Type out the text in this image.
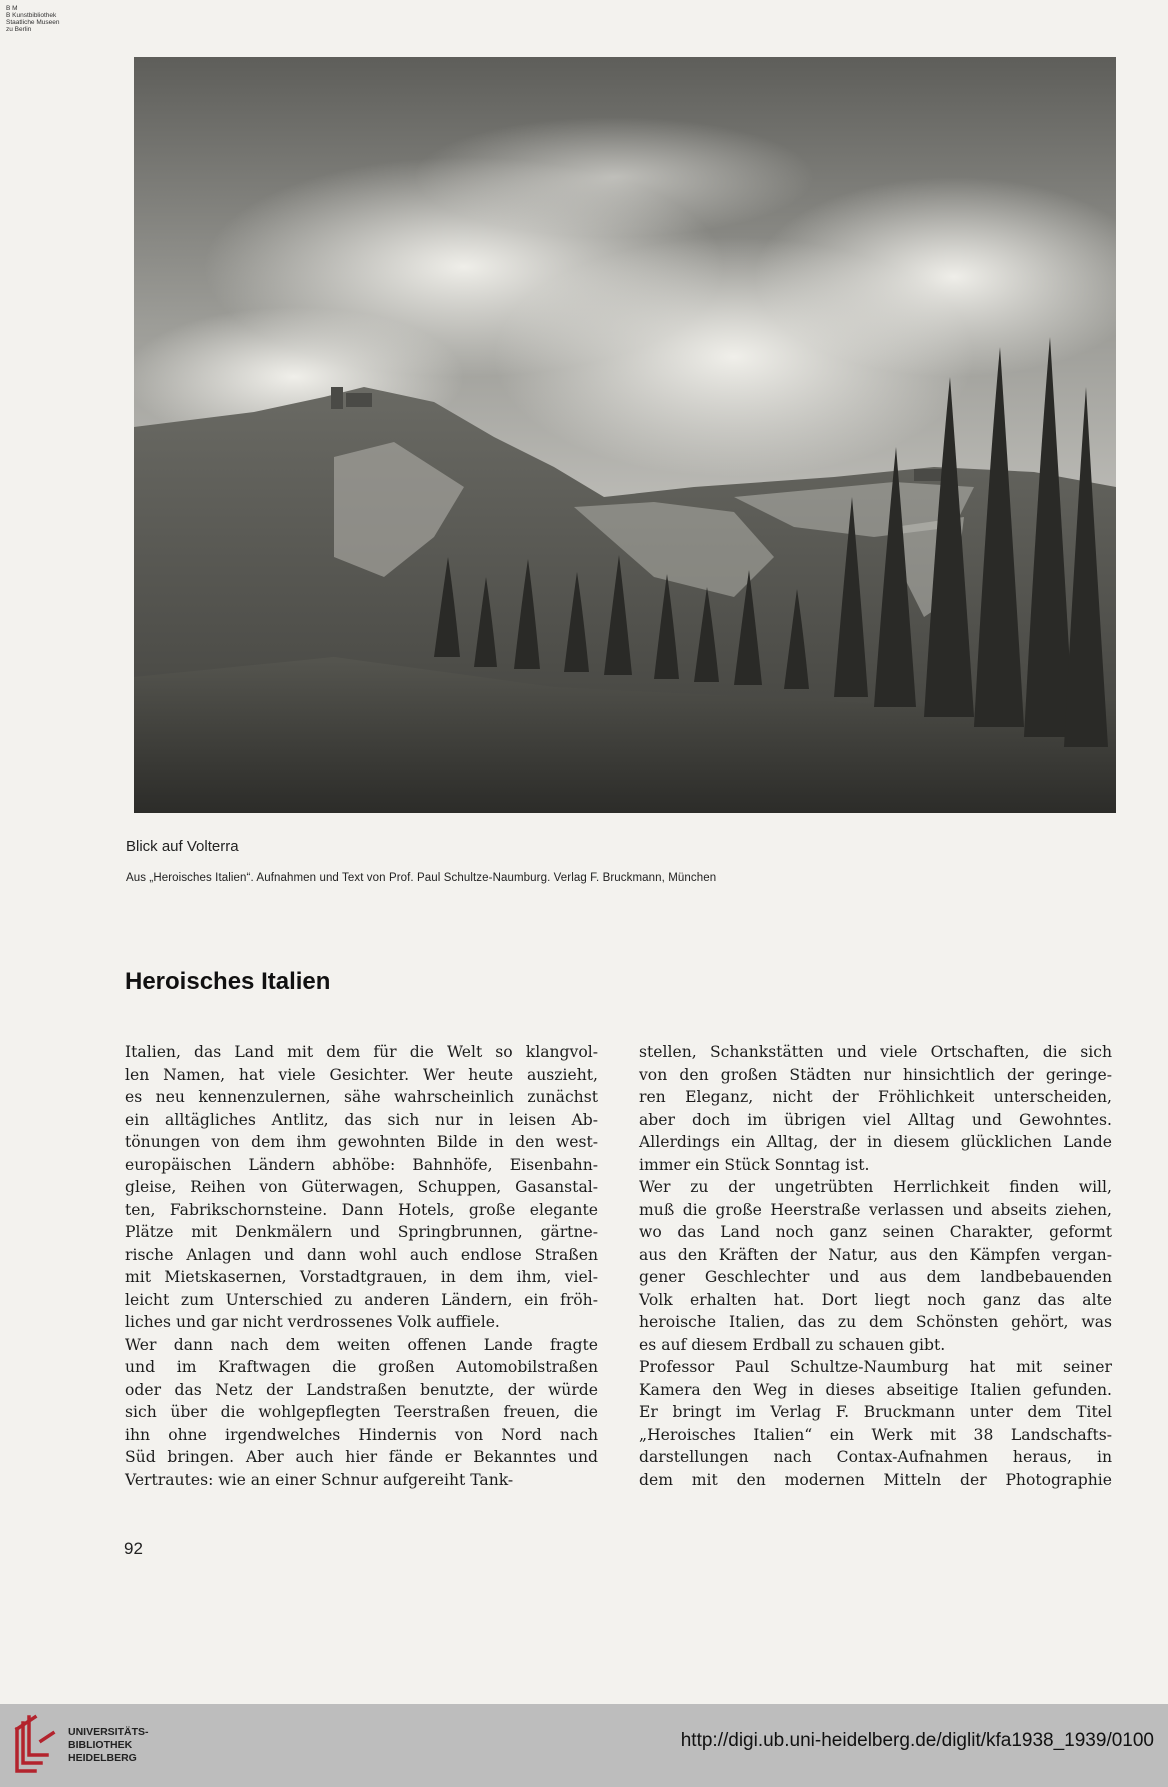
B M
B Kunstbibliothek
Staatliche Museen
zu Berlin
Blick auf Volterra
Aus „Heroisches Italien“. Aufnahmen und Text von Prof. Paul Schultze-Naumburg. Verlag F. Bruckmann, München
Heroisches Italien
Italien, das Land mit dem für die Welt so klangvol-
len Namen, hat viele Gesichter. Wer heute auszieht,
es neu kennenzulernen, sähe wahrscheinlich zunächst
ein alltägliches Antlitz, das sich nur in leisen Ab-
tönungen von dem ihm gewohnten Bilde in den west-
europäischen Ländern abhöbe: Bahnhöfe, Eisenbahn-
gleise, Reihen von Güterwagen, Schuppen, Gasanstal-
ten, Fabrikschornsteine. Dann Hotels, große elegante
Plätze mit Denkmälern und Springbrunnen, gärtne-
rische Anlagen und dann wohl auch endlose Straßen
mit Mietskasernen, Vorstadtgrauen, in dem ihm, viel-
leicht zum Unterschied zu anderen Ländern, ein fröh-
liches und gar nicht verdrossenes Volk auffiele.
Wer dann nach dem weiten offenen Lande fragte
und im Kraftwagen die großen Automobilstraßen
oder das Netz der Landstraßen benutzte, der würde
sich über die wohlgepflegten Teerstraßen freuen, die
ihn ohne irgendwelches Hindernis von Nord nach
Süd bringen. Aber auch hier fände er Bekanntes und
Vertrautes: wie an einer Schnur aufgereiht Tank-
stellen, Schankstätten und viele Ortschaften, die sich
von den großen Städten nur hinsichtlich der geringe-
ren Eleganz, nicht der Fröhlichkeit unterscheiden,
aber doch im übrigen viel Alltag und Gewohntes.
Allerdings ein Alltag, der in diesem glücklichen Lande
immer ein Stück Sonntag ist.
Wer zu der ungetrübten Herrlichkeit finden will,
muß die große Heerstraße verlassen und abseits ziehen,
wo das Land noch ganz seinen Charakter, geformt
aus den Kräften der Natur, aus den Kämpfen vergan-
gener Geschlechter und aus dem landbebauenden
Volk erhalten hat. Dort liegt noch ganz das alte
heroische Italien, das zu dem Schönsten gehört, was
es auf diesem Erdball zu schauen gibt.
Professor Paul Schultze-Naumburg hat mit seiner
Kamera den Weg in dieses abseitige Italien gefunden.
Er bringt im Verlag F. Bruckmann unter dem Titel
„Heroisches Italien“ ein Werk mit 38 Landschafts-
darstellungen nach Contax-Aufnahmen heraus, in
dem mit den modernen Mitteln der Photographie
92
UNIVERSITÄTS-
BIBLIOTHEK
HEIDELBERG
http://digi.ub.uni-heidelberg.de/diglit/kfa1938_1939/0100
